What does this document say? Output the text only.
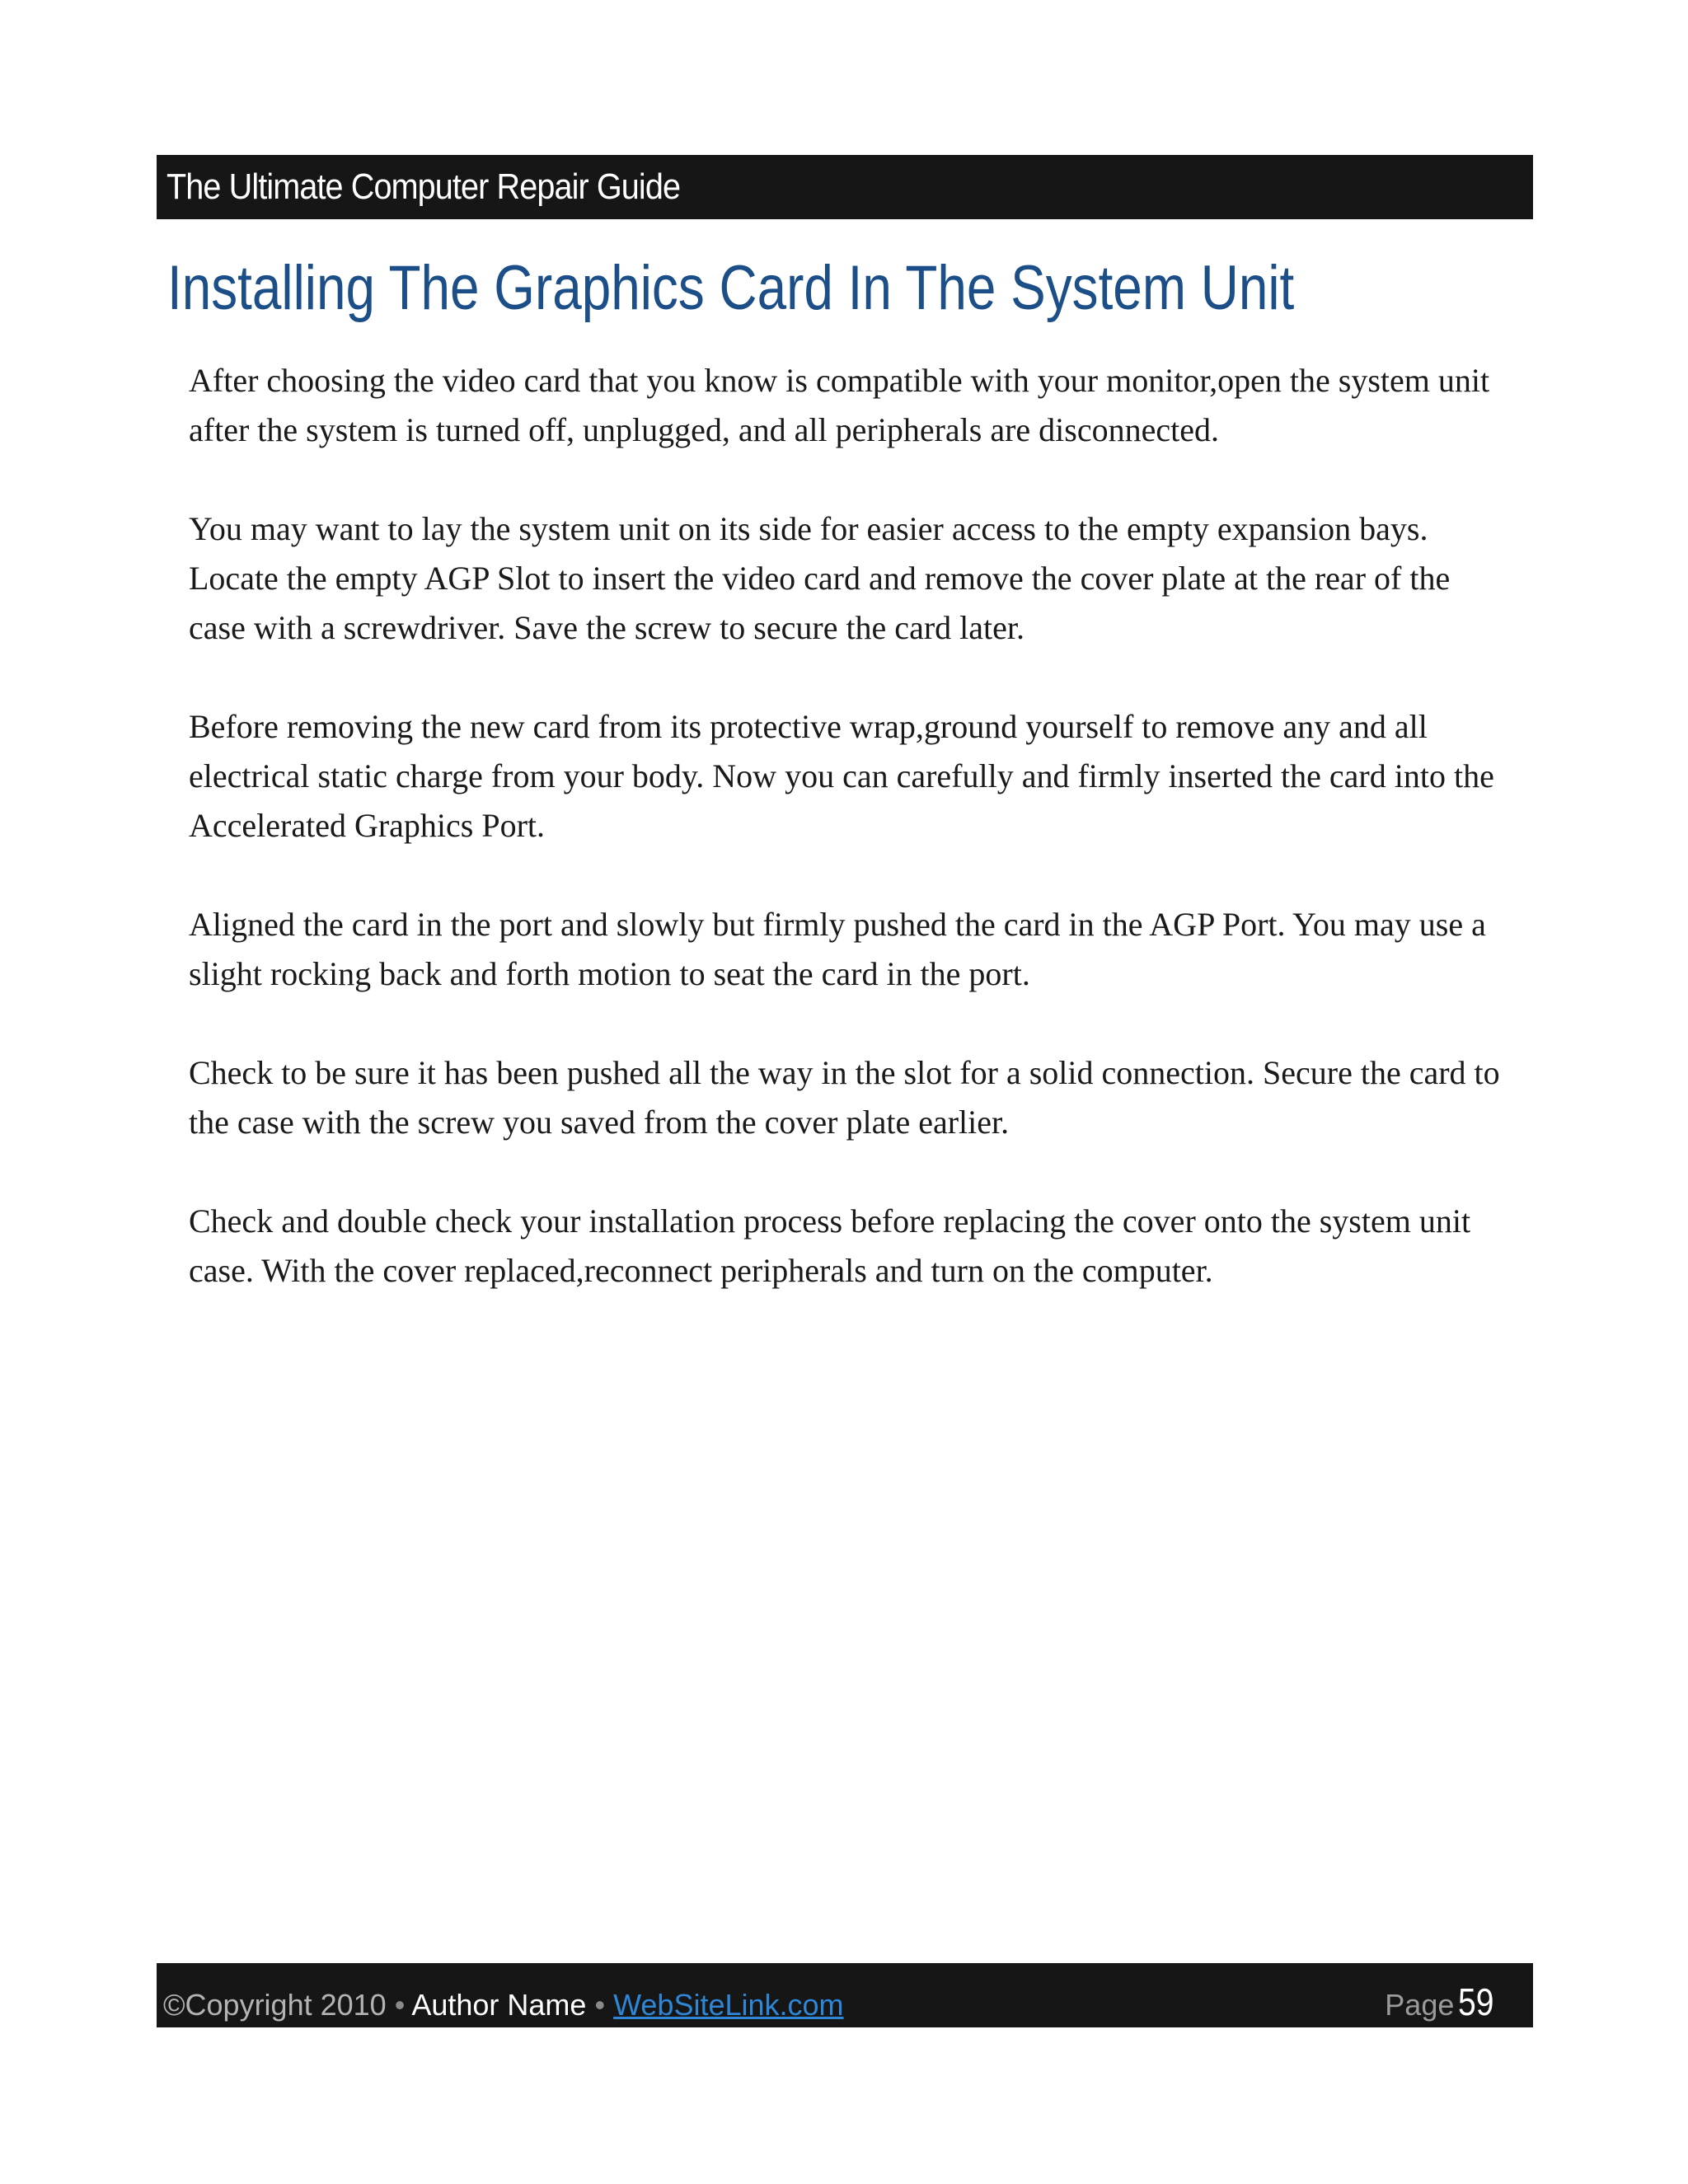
The Ultimate Computer Repair Guide
Installing The Graphics Card In The System Unit

After choosing the video card that you know is compatible with your monitor,open the system unit after the system is turned off, unplugged, and all peripherals are disconnected.

You may want to lay the system unit on its side for easier access to the empty expansion bays. Locate the empty AGP Slot to insert the video card and remove the cover plate at the rear of the case with a screwdriver. Save the screw to secure the card later.

Before removing the new card from its protective wrap,ground yourself to remove any and all electrical static charge from your body. Now you can carefully and firmly inserted the card into the Accelerated Graphics Port.

Aligned the card in the port and slowly but firmly pushed the card in the AGP Port. You may use a slight rocking back and forth motion to seat the card in the port.

Check to be sure it has been pushed all the way in the slot for a solid connection. Secure the card to the case with the screw you saved from the cover plate earlier.

Check and double check your installation process before replacing the cover onto the system unit case. With the cover replaced,reconnect peripherals and turn on the computer.

©Copyright 2010 • Author Name • WebSiteLink.com	Page 59
